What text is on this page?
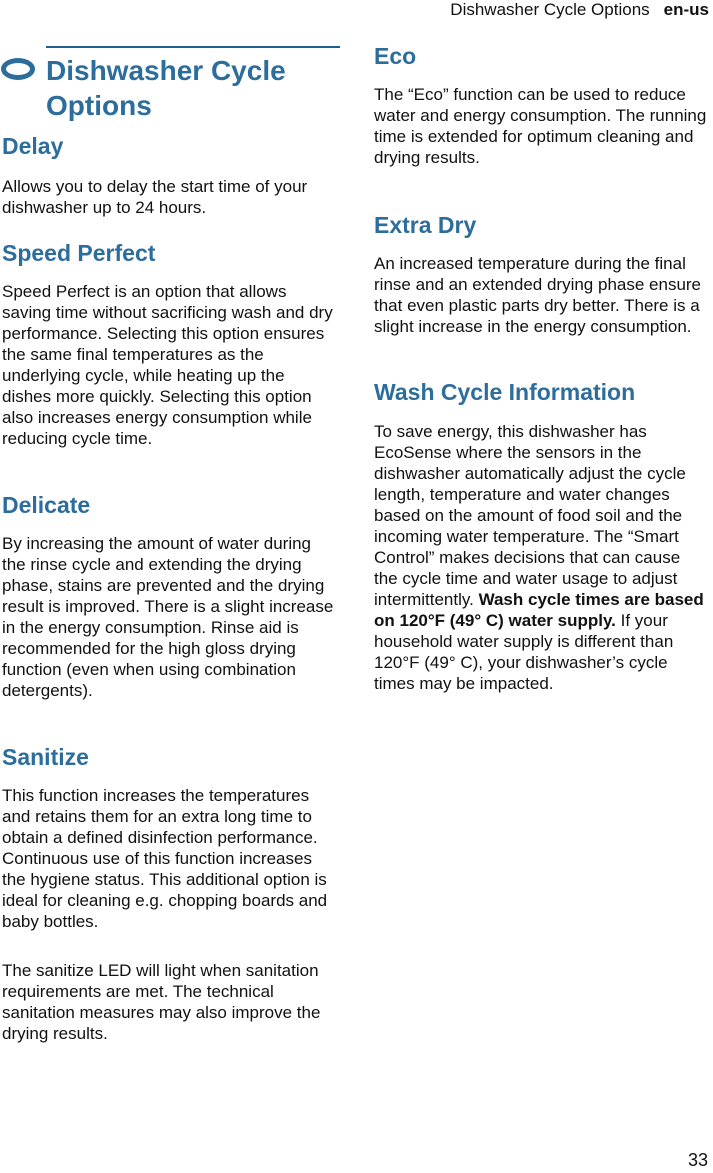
Dishwasher Cycle Options en-us
Dishwasher Cycle Options
Delay

Allows you to delay the start time of your dishwasher up to 24 hours.

Speed Perfect

Speed Perfect is an option that allows saving time without sacrificing wash and dry performance. Selecting this option ensures the same final temperatures as the underlying cycle, while heating up the dishes more quickly. Selecting this option also increases energy consumption while reducing cycle time.

Delicate

By increasing the amount of water during the rinse cycle and extending the drying phase, stains are prevented and the drying result is improved. There is a slight increase in the energy consumption. Rinse aid is recommended for the high gloss drying function (even when using combination detergents).

Sanitize

This function increases the temperatures and retains them for an extra long time to obtain a defined disinfection performance. Continuous use of this function increases the hygiene status. This additional option is ideal for cleaning e.g. chopping boards and baby bottles.

The sanitize LED will light when sanitation requirements are met. The technical sanitation measures may also improve the drying results.

Eco

The “Eco” function can be used to reduce water and energy consumption. The running time is extended for optimum cleaning and drying results.

Extra Dry

An increased temperature during the final rinse and an extended drying phase ensure that even plastic parts dry better. There is a slight increase in the energy consumption.

Wash Cycle Information

To save energy, this dishwasher has EcoSense where the sensors in the dishwasher automatically adjust the cycle length, temperature and water changes based on the amount of food soil and the incoming water temperature. The “Smart Control” makes decisions that can cause the cycle time and water usage to adjust intermittently. Wash cycle times are based on 120°F (49° C) water supply. If your household water supply is different than 120°F (49° C), your dishwasher’s cycle times may be impacted.

33
